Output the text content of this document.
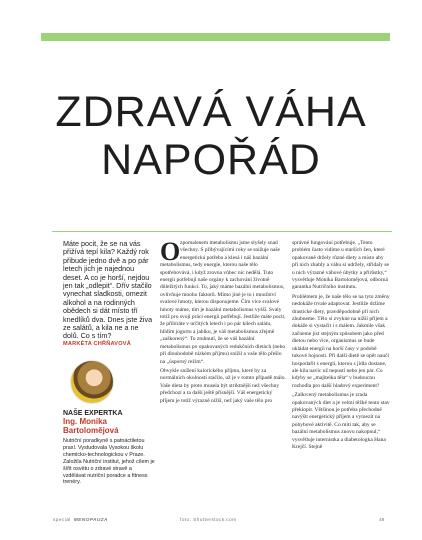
ZDRAVÁ VÁHA
NAPOŘÁD

Máte pocit, že se na vás přižívá tepí kila? Každý rok přibude jedno dvě a po pár letech jich je najednou deset. A co je horší, nejdou jen tak „odlepit“. Dřív stačilo vynechat sladkosti, omezit alkohol a na rodinných obědech si dát místo tří knedlíků dva. Dnes jste živa ze salátů, a kila ne a ne dolů. Co s tím?

MARKÉTA CHŘŇAVOVÁ
NAŠE EXPERTKA
Ing. Monika Bartolomějová

Nutriční poradkyně s patnáctiletou praxí. Vystudovala Vysokou školu chemicko-technologickou v Praze. Založila Nutriční institut, jehož cílem je šířit osvětu o zdravé stravě a vzdělávat nutriční poradce a fitness trenéry.

O zpomalenem metabolismu jsme slyšely snad všechny. S přibývajícími roky se snižuje naše energetická potřeba a klesá i náš bazální metabolismus, tedy energie, kterou naše tělo spotřebovává, i když zrovna vůbec nic nedělá. Tuto energii potřebují naše orgány k zachování životně důležitých funkcí. To, jaký máme bazální metabolismus, ovlivňuje mnoho faktorů. Mimo jiné je to i množství svalové hmoty, kterou disponujeme. Čím více svalové hmoty máme, tím je bazální metabolismus vyšší. Svaly totiž pro svoji práci energii potřebují. Jestliže máte pocit, že přibíráte v určitých letech i po pár kilech salátu, hlídím jogurtu a jablku, je váš metabolismus zřejmě „zaškorený“. To ztuhnutí, že se váš bazální metabolismus po opakovaných redukčních dietách (nebo při dlouhodobě nízkém příjmu) snížil a vaše tělo přešlo na „úsporný režim“.

Obvykle snížení kalorického příjmu, které by za normálních okolností stačilo, už je v tomto případě málo. Vaše dieta by proto musela být striktnější než všechny předchozí a ta další ještě přísnější. Váš energetický příjem je totiž výrazně nižší, než jaký vaše tělo pro

správné fungování potřebuje. „Tento problém často vidíme u starších žen, které opakovaně držely různé diety a místo aby při nich zhubly a váhu si udržely, střídaly se u nich výrazné váhové úbytky a přírůstky,“ vysvětluje Monika Bartolomějová, odborná garantka Nutričního institutu.

Problémem je, že naše tělo se na tyto změny nedokáže trvale adaptovat. Jestliže držíme drastické diety, pravděpodobně při nich zhubneme. Tělo si zvykne na nižší příjem a dokáže si vystačit i s málem. Jakmile však začneme jíst stejným způsobem jako před dietou nebo více, organismus se bude ukládat energii na horší časy v podobě tukové hojnosti. Při další dietě se opět naučí hospodařit s energií, kterou s jídla dostane, ale kila navíc už nepustí nebo jen pár. Co kdyby se „majitelka těla“ v budoucnu rozhodla pro další hladový experiment?

„Zalkrcený metabolismus je zrada opakovaných diet a je velmi těžké tento stav překlopit. Většinou je potřeba přechodně navýšit energetický příjem a vymezit na pohybové aktivitě. Co míti tak, aby se bazální metabolismus znovu nakopnul,“ vysvětluje internistka a diabetologka Hana Krejčí. Stejně

speciál MENOPAUZA	foto: Shutterstock.com	49
